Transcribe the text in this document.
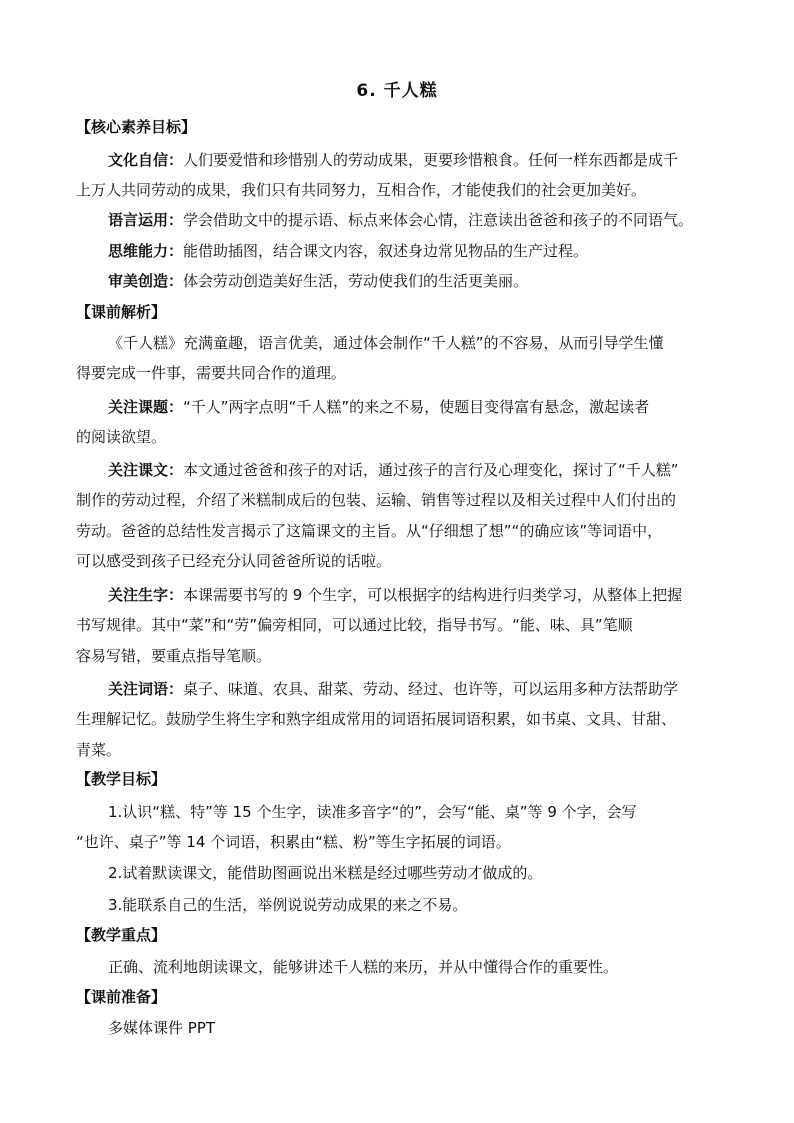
6. 千人糕
【核心素养目标】
文化自信：人们要爱惜和珍惜别人的劳动成果，更要珍惜粮食。任何一样东西都是成千
上万人共同劳动的成果，我们只有共同努力，互相合作，才能使我们的社会更加美好。
语言运用：学会借助文中的提示语、标点来体会心情，注意读出爸爸和孩子的不同语气。
思维能力：能借助插图，结合课文内容，叙述身边常见物品的生产过程。
审美创造：体会劳动创造美好生活，劳动使我们的生活更美丽。
【课前解析】
《千人糕》充满童趣，语言优美，通过体会制作“千人糕”的不容易，从而引导学生懂
得要完成一件事，需要共同合作的道理。
关注课题：“千人”两字点明“千人糕”的来之不易，使题目变得富有悬念，激起读者
的阅读欲望。
关注课文：本文通过爸爸和孩子的对话，通过孩子的言行及心理变化，探讨了“千人糕”
制作的劳动过程，介绍了米糕制成后的包装、运输、销售等过程以及相关过程中人们付出的
劳动。爸爸的总结性发言揭示了这篇课文的主旨。从“仔细想了想”“的确应该”等词语中，
可以感受到孩子已经充分认同爸爸所说的话啦。
关注生字：本课需要书写的 9 个生字，可以根据字的结构进行归类学习，从整体上把握
书写规律。其中“菜”和“劳”偏旁相同，可以通过比较，指导书写。“能、味、具”笔顺
容易写错，要重点指导笔顺。
关注词语：桌子、味道、农具、甜菜、劳动、经过、也许等，可以运用多种方法帮助学
生理解记忆。鼓励学生将生字和熟字组成常用的词语拓展词语积累，如书桌、文具、甘甜、
青菜。
【教学目标】
1.认识“糕、特”等 15 个生字，读准多音字“的”，会写“能、桌”等 9 个字，会写
“也许、桌子”等 14 个词语，积累由“糕、粉”等生字拓展的词语。
2.试着默读课文，能借助图画说出米糕是经过哪些劳动才做成的。
3.能联系自己的生活，举例说说劳动成果的来之不易。
【教学重点】
正确、流利地朗读课文，能够讲述千人糕的来历，并从中懂得合作的重要性。
【课前准备】
多媒体课件 PPT
